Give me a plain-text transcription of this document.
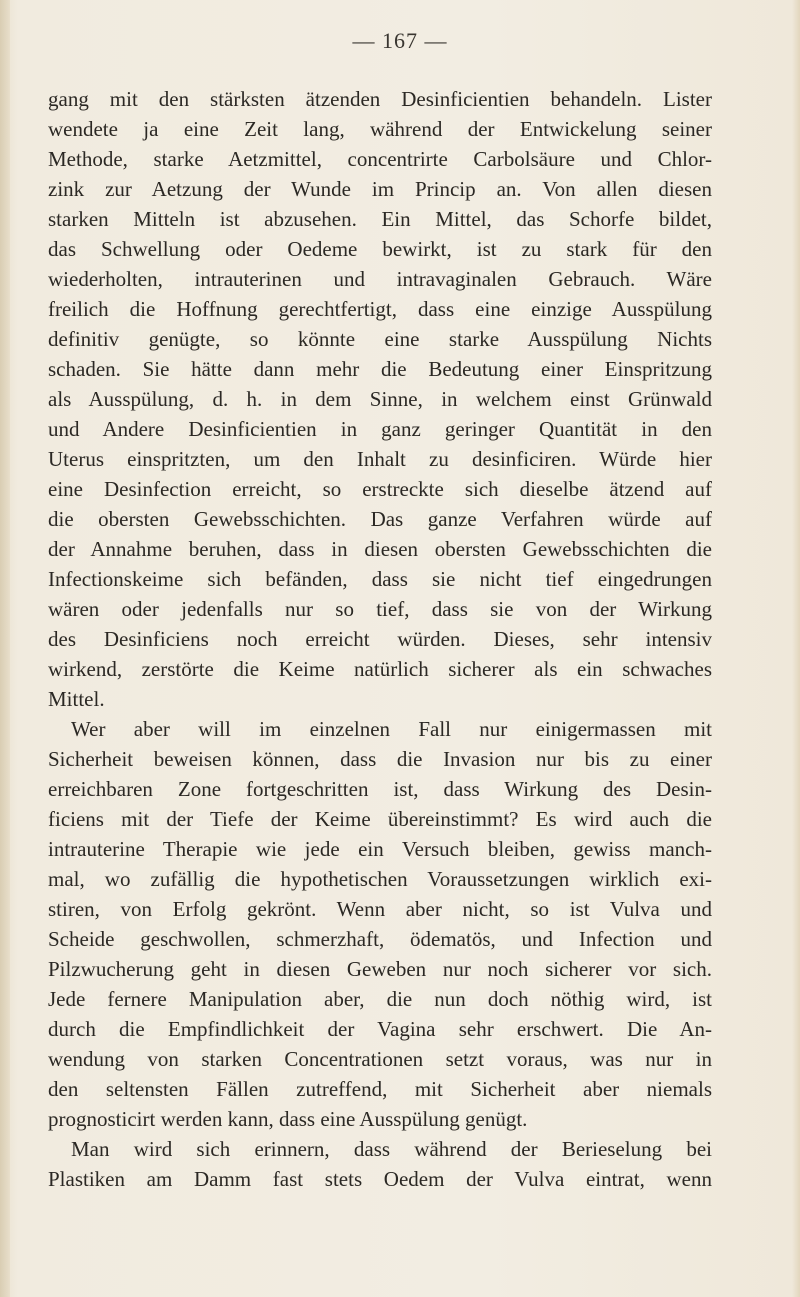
— 167 —
gang mit den stärksten ätzenden Desinficientien behandeln. Lister
wendete ja eine Zeit lang, während der Entwickelung seiner
Methode, starke Aetzmittel, concentrirte Carbolsäure und Chlor-
zink zur Aetzung der Wunde im Princip an. Von allen diesen
starken Mitteln ist abzusehen. Ein Mittel, das Schorfe bildet,
das Schwellung oder Oedeme bewirkt, ist zu stark für den
wiederholten, intrauterinen und intravaginalen Gebrauch. Wäre
freilich die Hoffnung gerechtfertigt, dass eine einzige Ausspülung
definitiv genügte, so könnte eine starke Ausspülung Nichts
schaden. Sie hätte dann mehr die Bedeutung einer Einspritzung
als Ausspülung, d. h. in dem Sinne, in welchem einst Grünwald
und Andere Desinficientien in ganz geringer Quantität in den
Uterus einspritzten, um den Inhalt zu desinficiren. Würde hier
eine Desinfection erreicht, so erstreckte sich dieselbe ätzend auf
die obersten Gewebsschichten. Das ganze Verfahren würde auf
der Annahme beruhen, dass in diesen obersten Gewebsschichten die
Infectionskeime sich befänden, dass sie nicht tief eingedrungen
wären oder jedenfalls nur so tief, dass sie von der Wirkung
des Desinficiens noch erreicht würden. Dieses, sehr intensiv
wirkend, zerstörte die Keime natürlich sicherer als ein schwaches
Mittel.
Wer aber will im einzelnen Fall nur einigermassen mit
Sicherheit beweisen können, dass die Invasion nur bis zu einer
erreichbaren Zone fortgeschritten ist, dass Wirkung des Desin-
ficiens mit der Tiefe der Keime übereinstimmt? Es wird auch die
intrauterine Therapie wie jede ein Versuch bleiben, gewiss manch-
mal, wo zufällig die hypothetischen Voraussetzungen wirklich exi-
stiren, von Erfolg gekrönt. Wenn aber nicht, so ist Vulva und
Scheide geschwollen, schmerzhaft, ödematös, und Infection und
Pilzwucherung geht in diesen Geweben nur noch sicherer vor sich.
Jede fernere Manipulation aber, die nun doch nöthig wird, ist
durch die Empfindlichkeit der Vagina sehr erschwert. Die An-
wendung von starken Concentrationen setzt voraus, was nur in
den seltensten Fällen zutreffend, mit Sicherheit aber niemals
prognosticirt werden kann, dass eine Ausspülung genügt.
Man wird sich erinnern, dass während der Berieselung bei
Plastiken am Damm fast stets Oedem der Vulva eintrat, wenn
